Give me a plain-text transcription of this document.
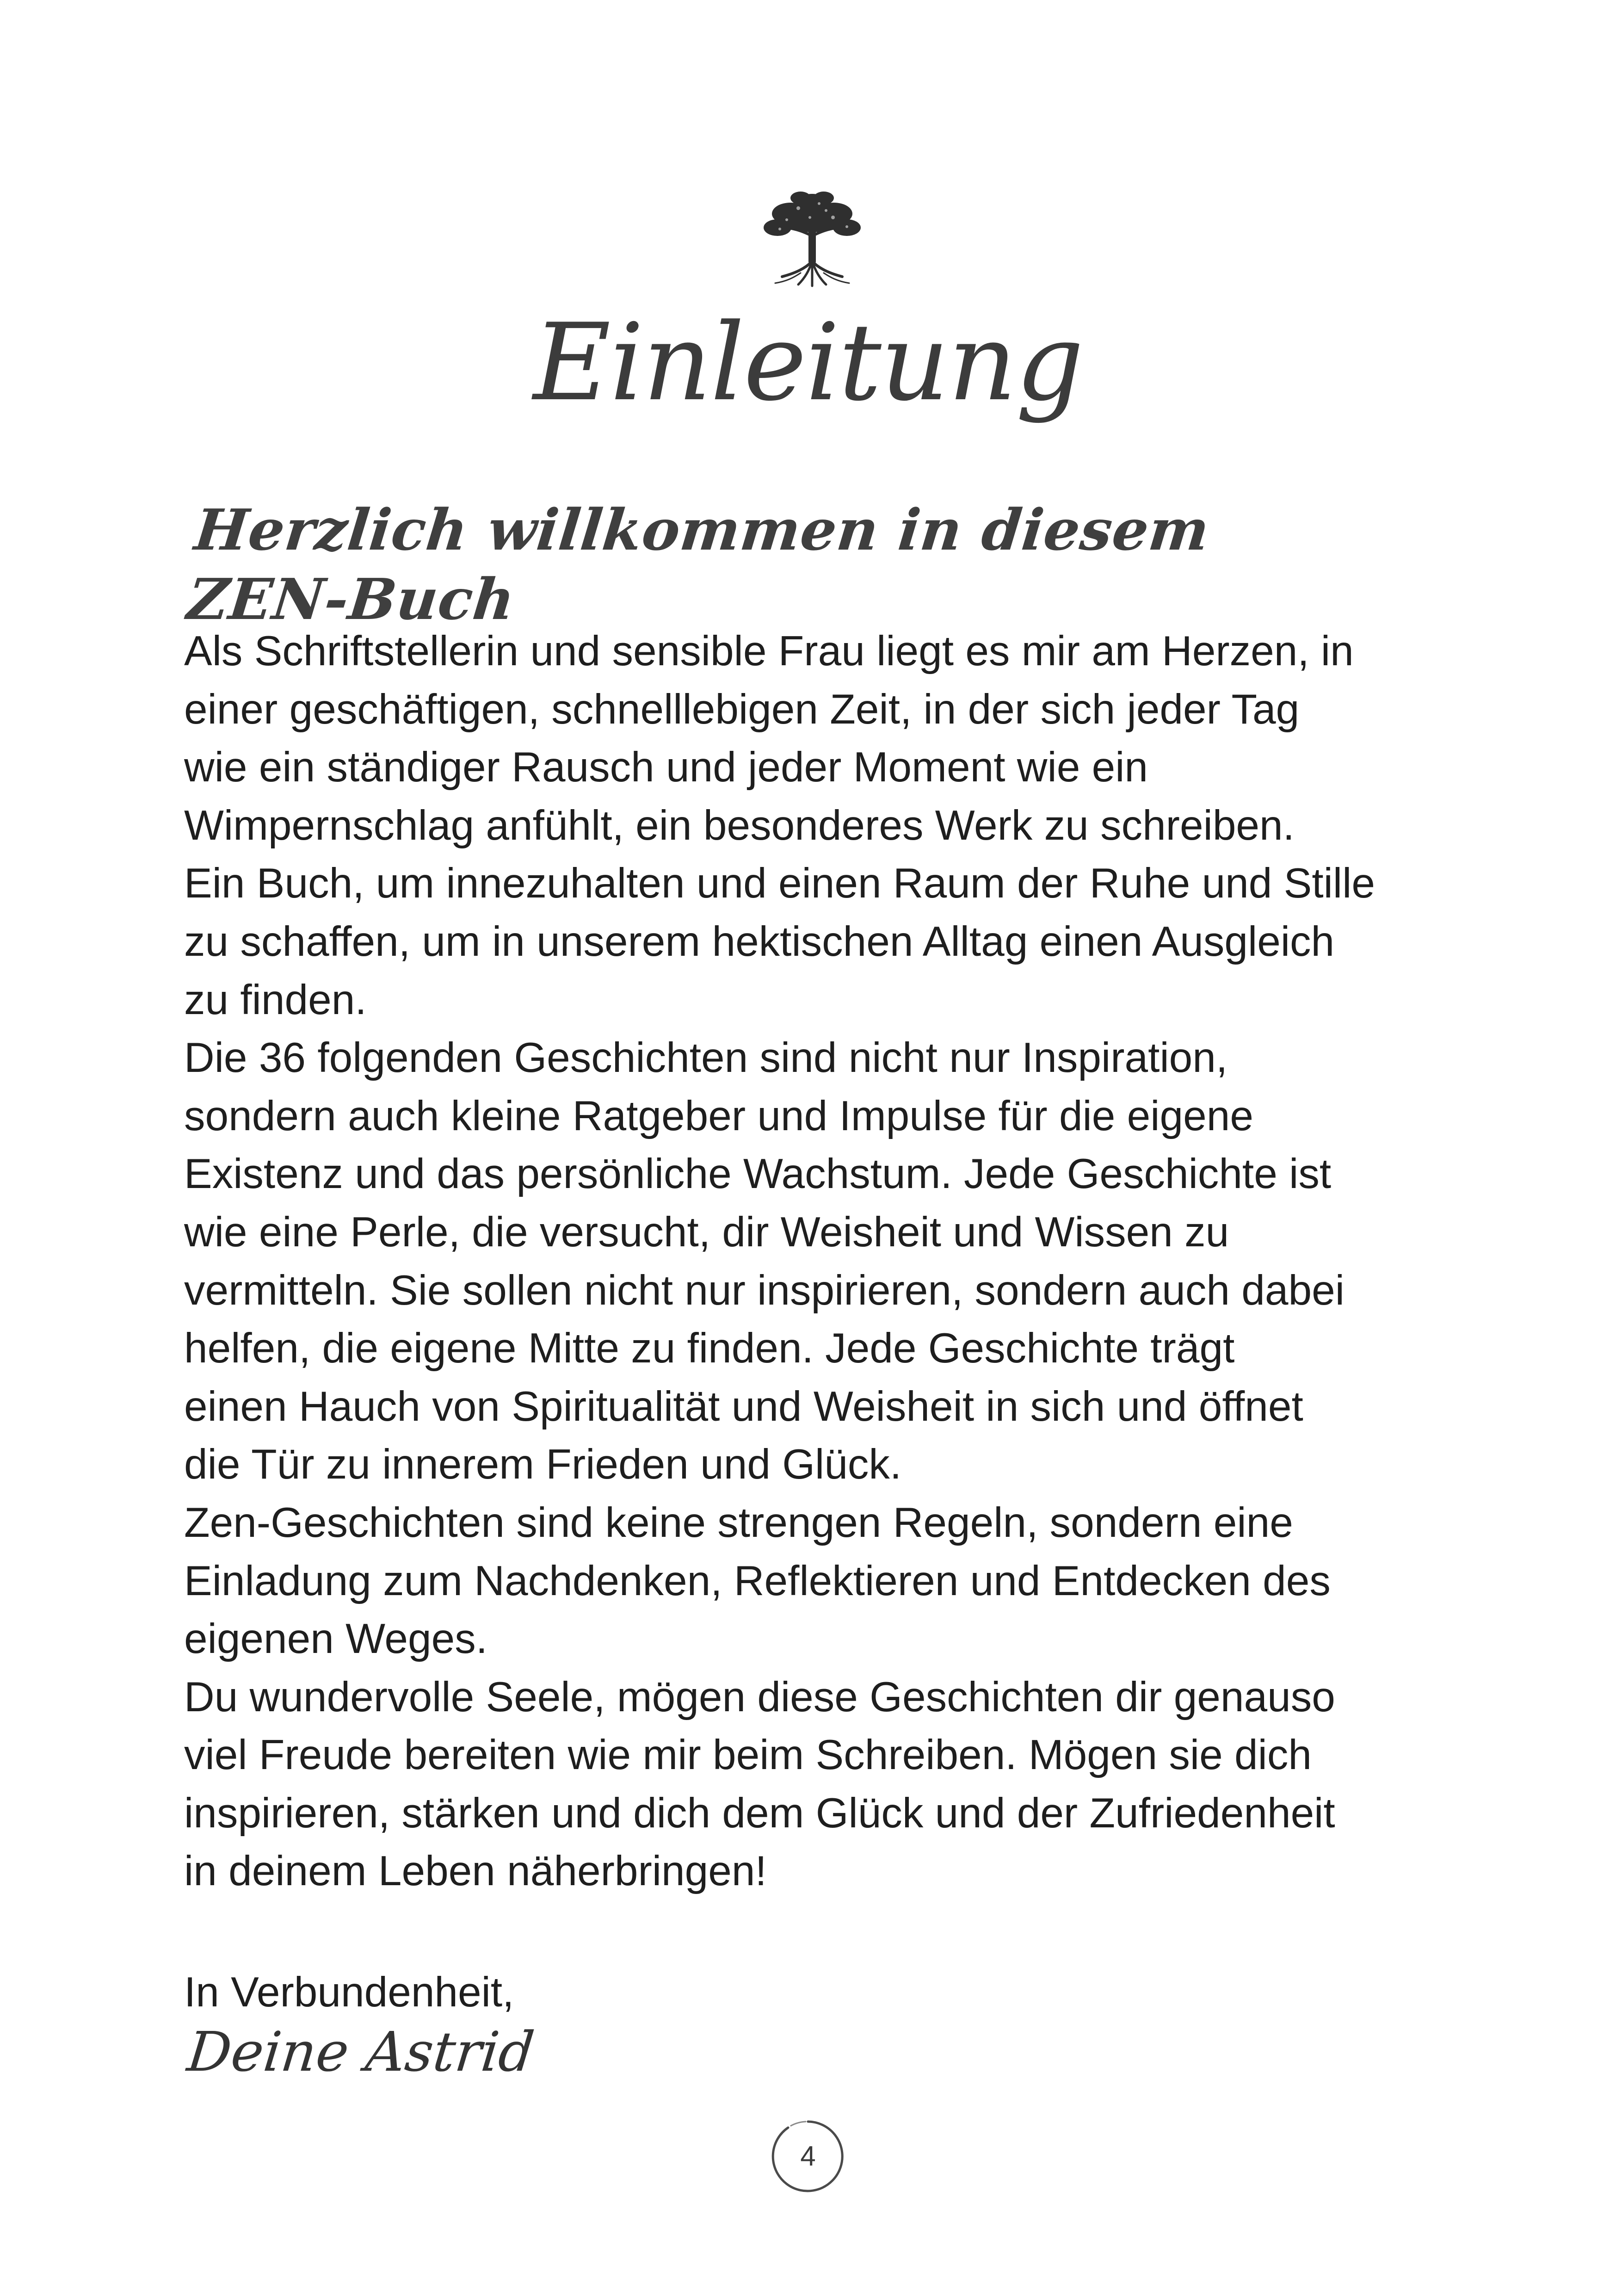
Einleitung
Herzlich willkommen in diesem ZEN-Buch
Als Schriftstellerin und sensible Frau liegt es mir am Herzen, in
einer geschäftigen, schnelllebigen Zeit, in der sich jeder Tag
wie ein ständiger Rausch und jeder Moment wie ein
Wimpernschlag anfühlt, ein besonderes Werk zu schreiben.
Ein Buch, um innezuhalten und einen Raum der Ruhe und Stille
zu schaffen, um in unserem hektischen Alltag einen Ausgleich
zu finden.
Die 36 folgenden Geschichten sind nicht nur Inspiration,
sondern auch kleine Ratgeber und Impulse für die eigene
Existenz und das persönliche Wachstum. Jede Geschichte ist
wie eine Perle, die versucht, dir Weisheit und Wissen zu
vermitteln. Sie sollen nicht nur inspirieren, sondern auch dabei
helfen, die eigene Mitte zu finden. Jede Geschichte trägt
einen Hauch von Spiritualität und Weisheit in sich und öffnet
die Tür zu innerem Frieden und Glück.
Zen-Geschichten sind keine strengen Regeln, sondern eine
Einladung zum Nachdenken, Reflektieren und Entdecken des
eigenen Weges.
Du wundervolle Seele, mögen diese Geschichten dir genauso
viel Freude bereiten wie mir beim Schreiben. Mögen sie dich
inspirieren, stärken und dich dem Glück und der Zufriedenheit
in deinem Leben näherbringen!

In Verbundenheit,

Deine Astrid

4
